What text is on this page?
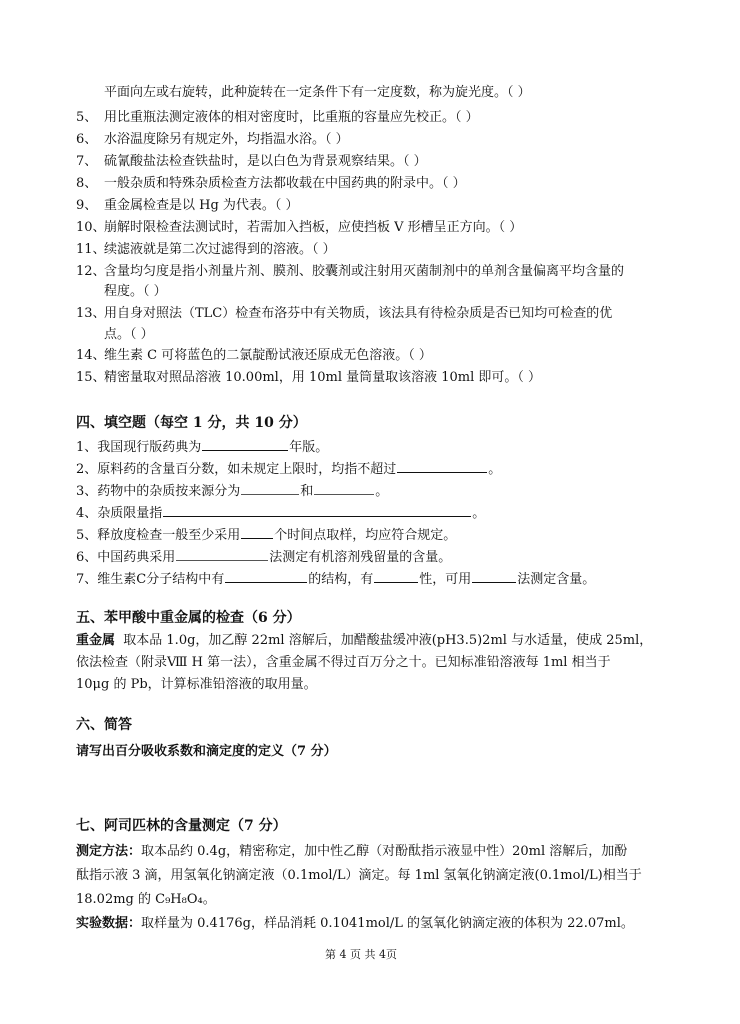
平面向左或右旋转，此种旋转在一定条件下有一定度数，称为旋光度。（ ）
5、 用比重瓶法测定液体的相对密度时，比重瓶的容量应先校正。（ ）
6、 水浴温度除另有规定外，均指温水浴。（ ）
7、 硫氰酸盐法检查铁盐时，是以白色为背景观察结果。（ ）
8、 一般杂质和特殊杂质检查方法都收载在中国药典的附录中。（ ）
9、 重金属检查是以 Hg 为代表。（ ）
10、崩解时限检查法测试时，若需加入挡板，应使挡板 V 形槽呈正方向。（ ）
11、续滤液就是第二次过滤得到的溶液。（ ）
12、含量均匀度是指小剂量片剂、膜剂、胶囊剂或注射用灭菌制剂中的单剂含量偏离平均含量的
程度。（ ）
13、用自身对照法（TLC）检查布洛芬中有关物质，该法具有待检杂质是否已知均可检查的优
点。（ ）
14、维生素 C 可将蓝色的二氯靛酚试液还原成无色溶液。（ ）
15、精密量取对照品溶液 10.00ml，用 10ml 量筒量取该溶液 10ml 即可。（ ）
四、填空题（每空 1 分，共 10 分）
1、我国现行版药典为	年版。
2、原料药的含量百分数，如未规定上限时，均指不超过	。
3、药物中的杂质按来源分为	和	。
4、杂质限量指	。
5、释放度检查一般至少采用	个时间点取样，均应符合规定。
6、中国药典采用	法测定有机溶剂残留量的含量。
7、维生素C分子结构中有	的结构，有	性，可用	法测定含量。
五、苯甲酸中重金属的检查（6 分）
重金属 取本品 1.0g，加乙醇 22ml 溶解后，加醋酸盐缓冲液(pH3.5)2ml 与水适量，使成 25ml，
依法检查（附录Ⅷ H 第一法），含重金属不得过百万分之十。已知标准铅溶液每 1ml 相当于
10μg 的 Pb，计算标准铅溶液的取用量。
六、简答
请写出百分吸收系数和滴定度的定义（7 分）
七、阿司匹林的含量测定（7 分）
测定方法：取本品约 0.4g，精密称定，加中性乙醇（对酚酞指示液显中性）20ml 溶解后，加酚
酞指示液 3 滴，用氢氧化钠滴定液（0.1mol/L）滴定。每 1ml 氢氧化钠滴定液(0.1mol/L)相当于
18.02mg 的 C₉H₈O₄。
实验数据：取样量为 0.4176g，样品消耗 0.1041mol/L 的氢氧化钠滴定液的体积为 22.07ml。
第 4 页 共 4页
